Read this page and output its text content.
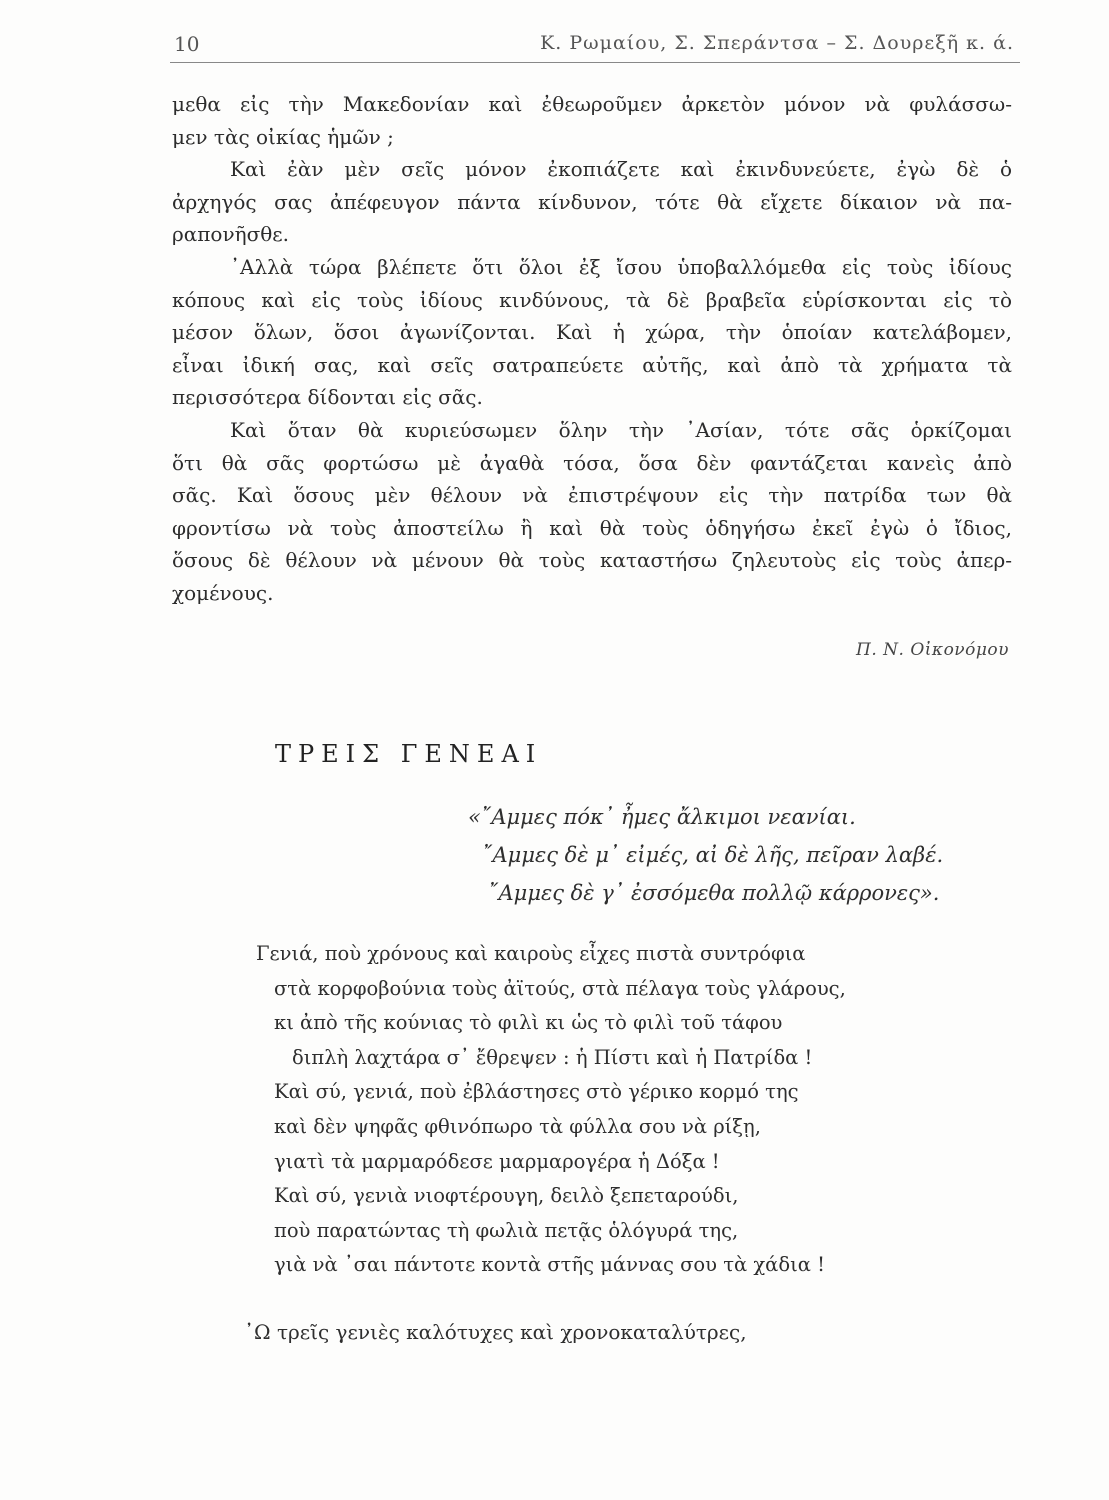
10	Κ. Ρωμαίου, Σ. Σπεράντσα – Σ. Δουρεξῆ κ. ά.
μεθα εἰς τὴν Μακεδονίαν καὶ ἐθεωροῦμεν ἀρκετὸν μόνον νὰ φυλάσσω-
μεν τὰς οἰκίας ἡμῶν ;
Καὶ ἐὰν μὲν σεῖς μόνον ἐκοπιάζετε καὶ ἐκινδυνεύετε, ἐγὼ δὲ ὁ
ἀρχηγός σας ἀπέφευγον πάντα κίνδυνον, τότε θὰ εἴχετε δίκαιον νὰ πα-
ραπονῆσθε.
᾿Αλλὰ τώρα βλέπετε ὅτι ὅλοι ἐξ ἴσου ὑποβαλλόμεθα εἰς τοὺς ἰδίους
κόπους καὶ εἰς τοὺς ἰδίους κινδύνους, τὰ δὲ βραβεῖα εὑρίσκονται εἰς τὸ
μέσον ὅλων, ὅσοι ἀγωνίζονται. Καὶ ἡ χώρα, τὴν ὁποίαν κατελάβομεν,
εἶναι ἰδική σας, καὶ σεῖς σατραπεύετε αὐτῆς, καὶ ἀπὸ τὰ χρήματα τὰ
περισσότερα δίδονται εἰς σᾶς.
Καὶ ὅταν θὰ κυριεύσωμεν ὅλην τὴν ᾿Ασίαν, τότε σᾶς ὁρκίζομαι
ὅτι θὰ σᾶς φορτώσω μὲ ἀγαθὰ τόσα, ὅσα δὲν φαντάζεται κανεὶς ἀπὸ
σᾶς. Καὶ ὅσους μὲν θέλουν νὰ ἐπιστρέψουν εἰς τὴν πατρίδα των θὰ
φροντίσω νὰ τοὺς ἀποστείλω ἢ καὶ θὰ τοὺς ὁδηγήσω ἐκεῖ ἐγὼ ὁ ἴδιος,
ὅσους δὲ θέλουν νὰ μένουν θὰ τοὺς καταστήσω ζηλευτοὺς εἰς τοὺς ἀπερ-
χομένους.
Π. Ν. Οἰκονόμου
ΤΡΕΙΣ ΓΕΝΕΑΙ
«῎Αμμες πόκ᾿ ἦμες ἄλκιμοι νεανίαι.
῎Αμμες δὲ μ᾿ εἰμές, αἰ δὲ λῆς, πεῖραν λαβέ.
῎Αμμες δὲ γ᾿ ἐσσόμεθα πολλῷ κάρρονες».
Γενιά, ποὺ χρόνους καὶ καιροὺς εἶχες πιστὰ συντρόφια
στὰ κορφοβούνια τοὺς ἀϊτούς, στὰ πέλαγα τοὺς γλάρους,
κι ἀπὸ τῆς κούνιας τὸ φιλὶ κι ὡς τὸ φιλὶ τοῦ τάφου
διπλὴ λαχτάρα σ᾿ ἔθρεψεν : ἡ Πίστι καὶ ἡ Πατρίδα !
Καὶ σύ, γενιά, ποὺ ἐβλάστησες στὸ γέρικο κορμό της
καὶ δὲν ψηφᾶς φθινόπωρο τὰ φύλλα σου νὰ ρίξῃ,
γιατὶ τὰ μαρμαρόδεσε μαρμαρογέρα ἡ Δόξα !
Καὶ σύ, γενιὰ νιοφτέρουγη, δειλὸ ξεπεταρούδι,
ποὺ παρατώντας τὴ φωλιὰ πετᾷς ὁλόγυρά της,
γιὰ νὰ ᾿σαι πάντοτε κοντὰ στῆς μάννας σου τὰ χάδια !
᾿Ω τρεῖς γενιὲς καλότυχες καὶ χρονοκαταλύτρες,
